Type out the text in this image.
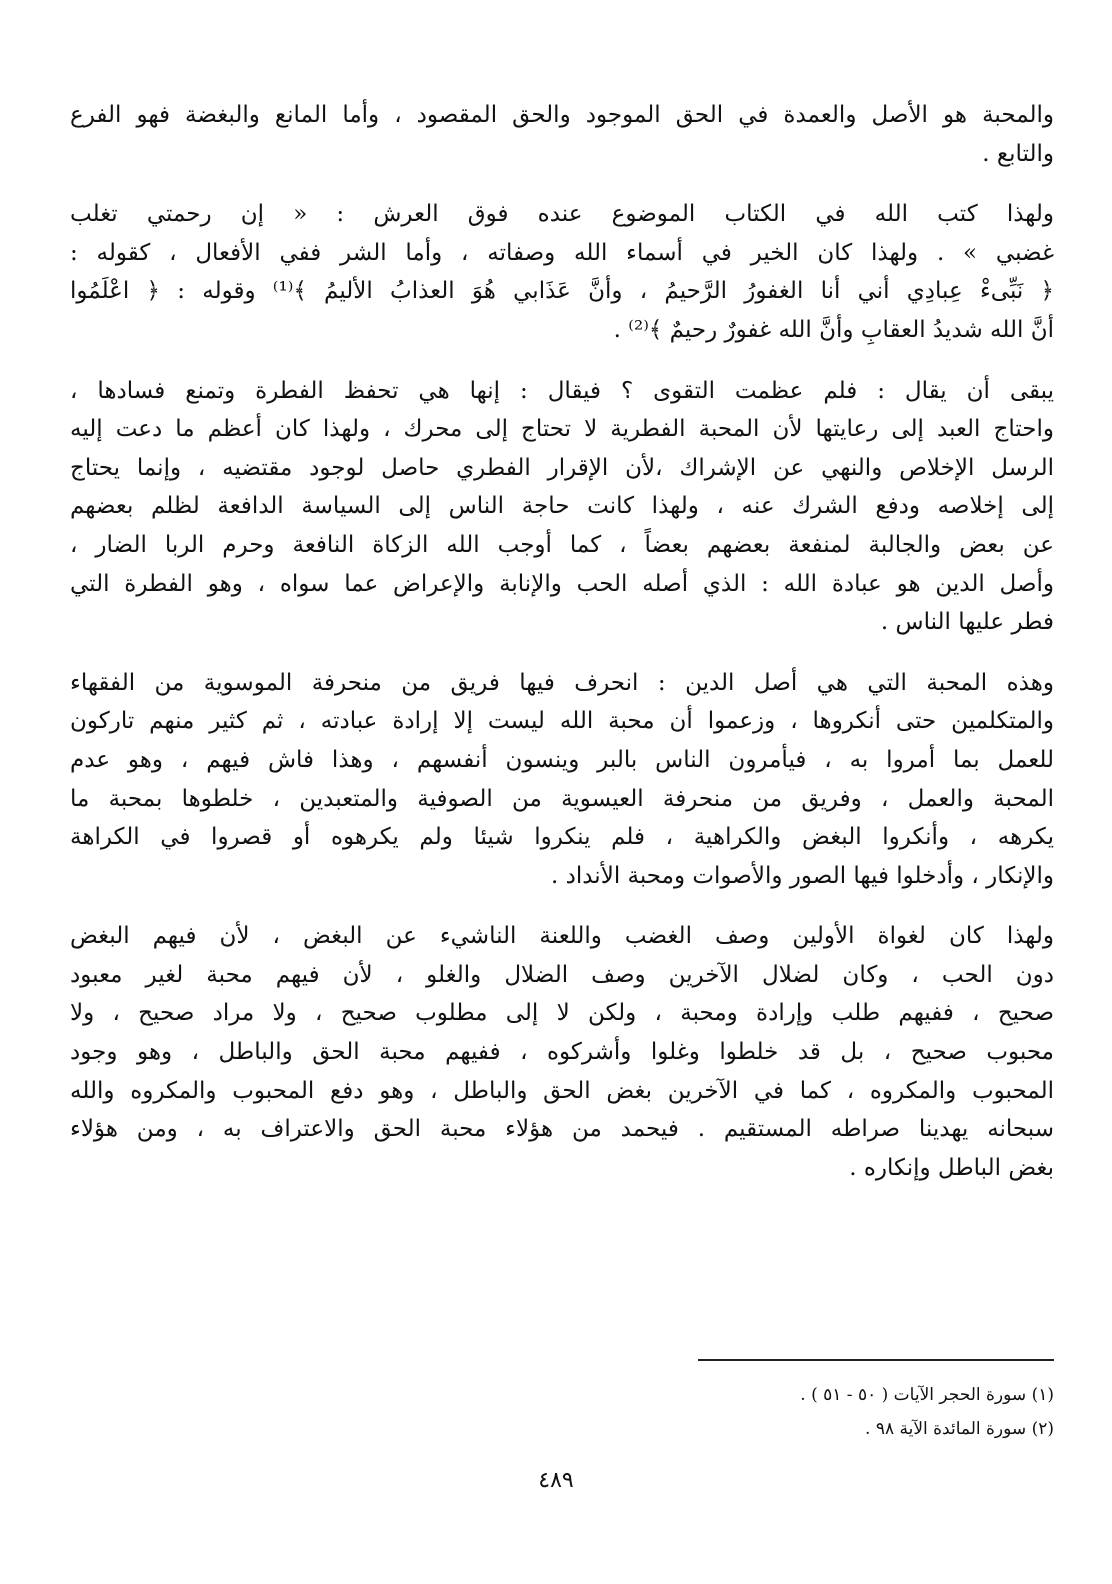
والمحبة هو الأصل والعمدة في الحق الموجود والحق المقصود ، وأما المانع والبغضة فهو الفرع
والتابع .

ولهذا كتب الله في الكتاب الموضوع عنده فوق العرش : « إن رحمتي تغلب
غضبي » . ولهذا كان الخير في أسماء الله وصفاته ، وأما الشر ففي الأفعال ، كقوله :
﴿ نَبِّىءْ عِبادِي أني أنا الغفورُ الرَّحيمُ ، وأنَّ عَذَابي هُوَ العذابُ الأليمُ ﴾⁽¹⁾ وقوله : ﴿ اعْلَمُوا
أنَّ الله شديدُ العقابِ وأنَّ الله غفورٌ رحيمٌ ﴾⁽²⁾ .

يبقى أن يقال : فلم عظمت التقوى ؟ فيقال : إنها هي تحفظ الفطرة وتمنع فسادها ،
واحتاج العبد إلى رعايتها لأن المحبة الفطرية لا تحتاج إلى محرك ، ولهذا كان أعظم ما دعت إليه
الرسل الإخلاص والنهي عن الإشراك ،لأن الإقرار الفطري حاصل لوجود مقتضيه ، وإنما يحتاج
إلى إخلاصه ودفع الشرك عنه ، ولهذا كانت حاجة الناس إلى السياسة الدافعة لظلم بعضهم
عن بعض والجالبة لمنفعة بعضهم بعضاً ، كما أوجب الله الزكاة النافعة وحرم الربا الضار ،
وأصل الدين هو عبادة الله : الذي أصله الحب والإنابة والإعراض عما سواه ، وهو الفطرة التي
فطر عليها الناس .

وهذه المحبة التي هي أصل الدين : انحرف فيها فريق من منحرفة الموسوية من الفقهاء
والمتكلمين حتى أنكروها ، وزعموا أن محبة الله ليست إلا إرادة عبادته ، ثم كثير منهم تاركون
للعمل بما أمروا به ، فيأمرون الناس بالبر وينسون أنفسهم ، وهذا فاش فيهم ، وهو عدم
المحبة والعمل ، وفريق من منحرفة العيسوية من الصوفية والمتعبدين ، خلطوها بمحبة ما
يكرهه ، وأنكروا البغض والكراهية ، فلم ينكروا شيئا ولم يكرهوه أو قصروا في الكراهة
والإنكار ، وأدخلوا فيها الصور والأصوات ومحبة الأنداد .

ولهذا كان لغواة الأولين وصف الغضب واللعنة الناشيء عن البغض ، لأن فيهم البغض
دون الحب ، وكان لضلال الآخرين وصف الضلال والغلو ، لأن فيهم محبة لغير معبود
صحيح ، ففيهم طلب وإرادة ومحبة ، ولكن لا إلى مطلوب صحيح ، ولا مراد صحيح ، ولا
محبوب صحيح ، بل قد خلطوا وغلوا وأشركوه ، ففيهم محبة الحق والباطل ، وهو وجود
المحبوب والمكروه ، كما في الآخرين بغض الحق والباطل ، وهو دفع المحبوب والمكروه والله
سبحانه يهدينا صراطه المستقيم . فيحمد من هؤلاء محبة الحق والاعتراف به ، ومن هؤلاء
بغض الباطل وإنكاره .

(١) سورة الحجر الآيات ( ٥٠ - ٥١ ) .
(٢) سورة المائدة الآية ٩٨ .
٤٨٩
